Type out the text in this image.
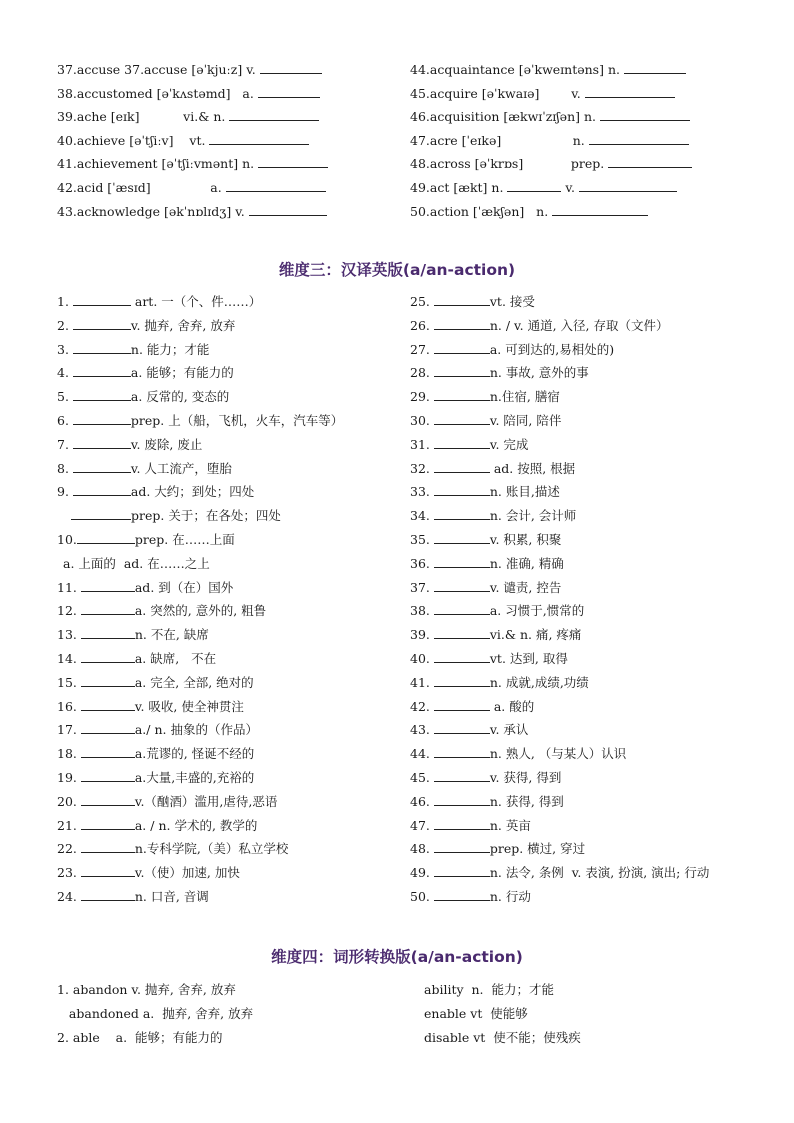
37.accuse 37.accuse [əˈkjuːz] v.
38.accustomed [əˈkʌstəmd]   a.
39.ache [eɪk]           vi.& n.
40.achieve [əˈtʃiːv]    vt.
41.achievement [əˈtʃiːvmənt] n.
42.acid [ˈæsɪd]               a.
43.acknowledge [əkˈnɒlɪdʒ] v.
44.acquaintance [əˈkweɪntəns] n.
45.acquire [əˈkwaɪə]        v.
46.acquisition [ækwɪˈzɪʃən] n.
47.acre [ˈeɪkə]                  n.
48.across [əˈkrɒs]            prep.
49.act [ækt] n.	v.
50.action [ˈækʃən]   n.
维度三：汉译英版(a/an-action)
1.	art. 一（个、件……）
2.	v. 抛弃, 舍弃, 放弃
3.	n. 能力；才能
4.	a. 能够；有能力的
5.	a. 反常的, 变态的
6.	prep. 上（船，飞机，火车，汽车等）
7.	v. 废除, 废止
8.	v. 人工流产，堕胎
9.	ad. 大约；到处；四处
prep. 关于；在各处；四处
10.	prep. 在……上面
a. 上面的  ad. 在……之上
11.	ad. 到（在）国外
12.	a. 突然的, 意外的, 粗鲁
13.	n. 不在, 缺席
14.	a. 缺席,   不在
15.	a. 完全, 全部, 绝对的
16.	v. 吸收, 使全神贯注
17.	a./ n. 抽象的（作品）
18.	a.荒谬的, 怪诞不经的
19.	a.大量,丰盛的,充裕的
20.	v.（酗酒）滥用,虐待,恶语
21.	a. / n. 学术的, 教学的
22.	n.专科学院,（美）私立学校
23.	v.（使）加速, 加快
24.	n. 口音, 音调
25.	vt. 接受
26.	n. / v. 通道, 入径, 存取（文件）
27.	a. 可到达的,易相处的)
28.	n. 事故, 意外的事
29.	n.住宿, 膳宿
30.	v. 陪同, 陪伴
31.	v. 完成
32.	ad. 按照, 根据
33.	n. 账目,描述
34.	n. 会计, 会计师
35.	v. 积累, 积聚
36.	n. 准确, 精确
37.	v. 谴责, 控告
38.	a. 习惯于,惯常的
39.	vi.& n. 痛, 疼痛
40.	vt. 达到, 取得
41.	n. 成就,成绩,功绩
42.	a. 酸的
43.	v. 承认
44.	n. 熟人, （与某人）认识
45.	v. 获得, 得到
46.	n. 获得, 得到
47.	n. 英亩
48.	prep. 横过, 穿过
49.	n. 法令, 条例  v. 表演, 扮演, 演出; 行动
50.	n. 行动
维度四：词形转换版(a/an-action)
1. abandon v. 抛弃, 舍弃, 放弃
abandoned a.  抛弃, 舍弃, 放弃
2. able    a.  能够；有能力的
ability  n.  能力；才能
enable vt  使能够
disable vt  使不能；使残疾
